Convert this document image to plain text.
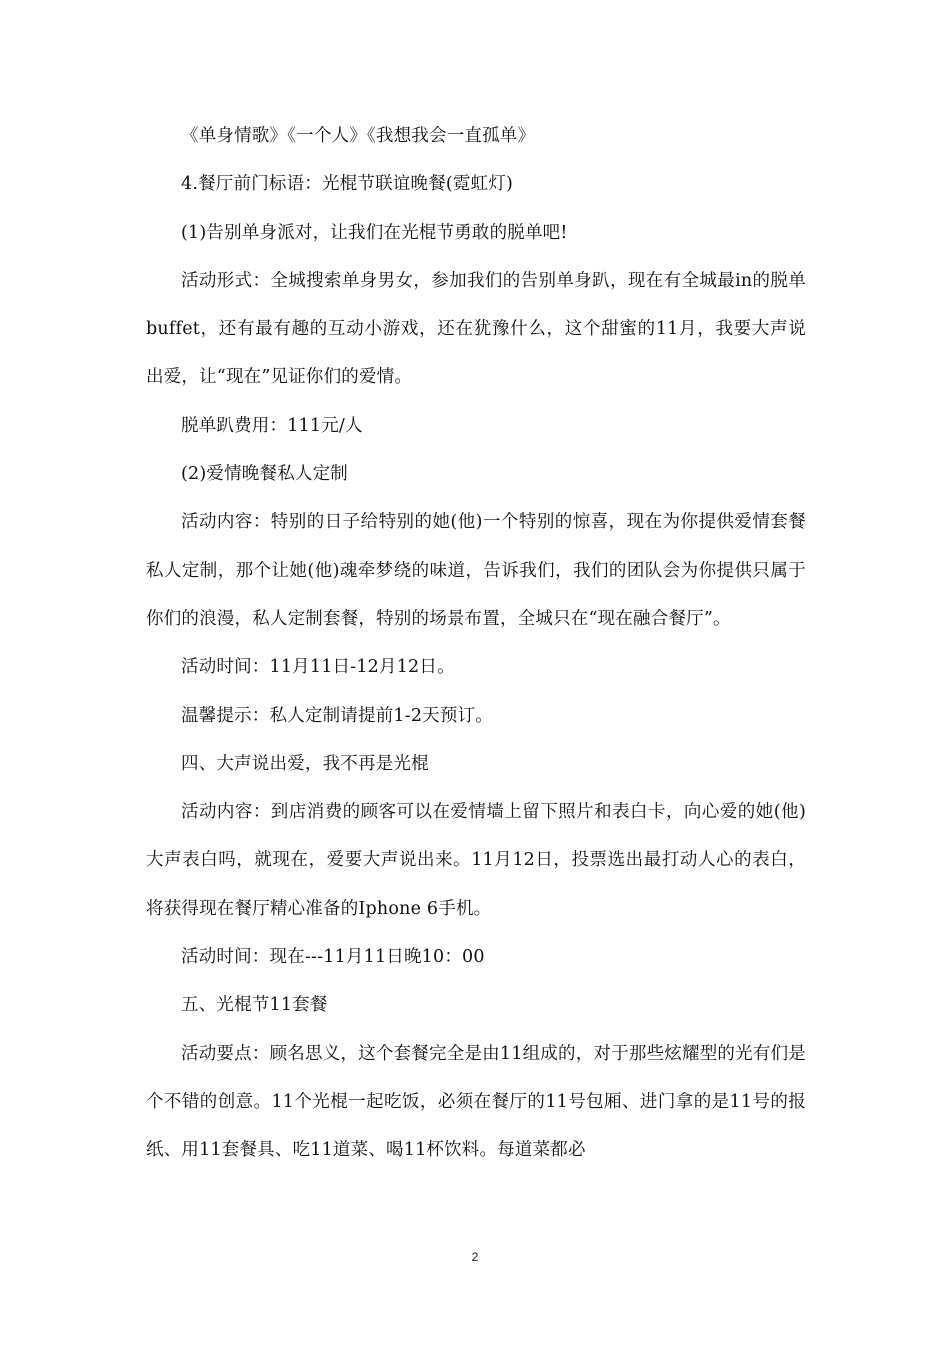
《单身情歌》《一个人》《我想我会一直孤单》

4.餐厅前门标语：光棍节联谊晚餐(霓虹灯)

(1)告别单身派对，让我们在光棍节勇敢的脱单吧!

活动形式：全城搜索单身男女，参加我们的告别单身趴，现在有全城最in的脱单buffet，还有最有趣的互动小游戏，还在犹豫什么，这个甜蜜的11月，我要大声说出爱，让“现在”见证你们的爱情。

脱单趴费用：111元/人

(2)爱情晚餐私人定制

活动内容：特别的日子给特别的她(他)一个特别的惊喜，现在为你提供爱情套餐私人定制，那个让她(他)魂牵梦绕的味道，告诉我们，我们的团队会为你提供只属于你们的浪漫，私人定制套餐，特别的场景布置，全城只在“现在融合餐厅”。

活动时间：11月11日-12月12日。

温馨提示：私人定制请提前1-2天预订。

四、大声说出爱，我不再是光棍

活动内容：到店消费的顾客可以在爱情墙上留下照片和表白卡，向心爱的她(他)大声表白吗，就现在，爱要大声说出来。11月12日，投票选出最打动人心的表白，将获得现在餐厅精心准备的Iphone 6手机。

活动时间：现在---11月11日晚10：00

五、光棍节11套餐

活动要点：顾名思义，这个套餐完全是由11组成的，对于那些炫耀型的光有们是个不错的创意。11个光棍一起吃饭，必须在餐厅的11号包厢、进门拿的是11号的报纸、用11套餐具、吃11道菜、喝11杯饮料。每道菜都必

2
